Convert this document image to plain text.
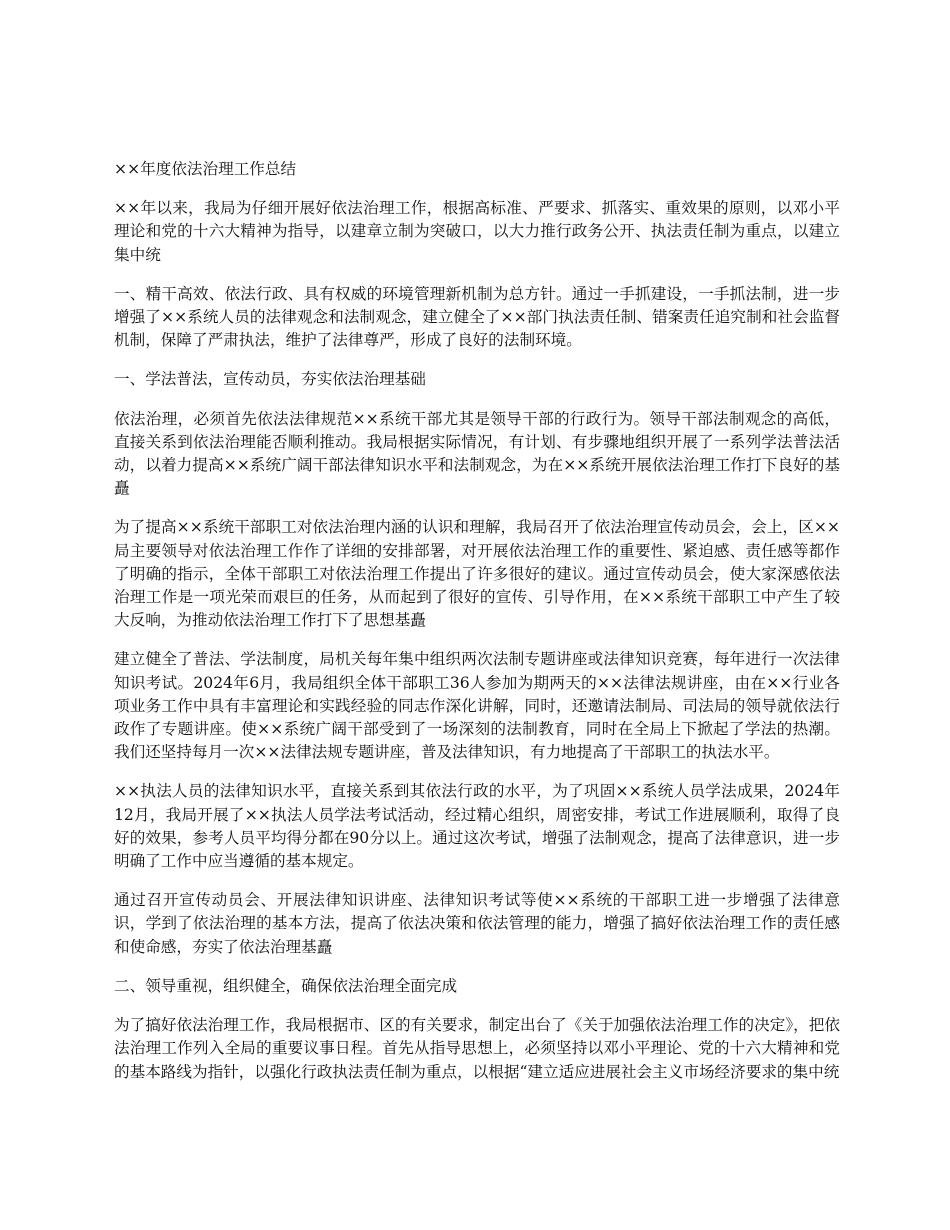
××年度依法治理工作总结

××年以来，我局为仔细开展好依法治理工作，根据高标准、严要求、抓落实、重效果的原则，以邓小平理论和党的十六大精神为指导，以建章立制为突破口，以大力推行政务公开、执法责任制为重点，以建立集中统

一、精干高效、依法行政、具有权威的环境管理新机制为总方针。通过一手抓建设，一手抓法制，进一步增强了××系统人员的法律观念和法制观念，建立健全了××部门执法责任制、错案责任追究制和社会监督机制，保障了严肃执法，维护了法律尊严，形成了良好的法制环境。

一、学法普法，宣传动员，夯实依法治理基础

依法治理，必须首先依法法律规范××系统干部尤其是领导干部的行政行为。领导干部法制观念的高低，直接关系到依法治理能否顺利推动。我局根据实际情况，有计划、有步骤地组织开展了一系列学法普法活动，以着力提高××系统广阔干部法律知识水平和法制观念，为在××系统开展依法治理工作打下良好的基矗

为了提高××系统干部职工对依法治理内涵的认识和理解，我局召开了依法治理宣传动员会，会上，区××局主要领导对依法治理工作作了详细的安排部署，对开展依法治理工作的重要性、紧迫感、责任感等都作了明确的指示，全体干部职工对依法治理工作提出了许多很好的建议。通过宣传动员会，使大家深感依法治理工作是一项光荣而艰巨的任务，从而起到了很好的宣传、引导作用，在××系统干部职工中产生了较大反响，为推动依法治理工作打下了思想基矗

建立健全了普法、学法制度，局机关每年集中组织两次法制专题讲座或法律知识竞赛，每年进行一次法律知识考试。2024年6月，我局组织全体干部职工36人参加为期两天的××法律法规讲座，由在××行业各项业务工作中具有丰富理论和实践经验的同志作深化讲解，同时，还邀请法制局、司法局的领导就依法行政作了专题讲座。使××系统广阔干部受到了一场深刻的法制教育，同时在全局上下掀起了学法的热潮。我们还坚持每月一次××法律法规专题讲座，普及法律知识，有力地提高了干部职工的执法水平。

××执法人员的法律知识水平，直接关系到其依法行政的水平，为了巩固××系统人员学法成果，2024年12月，我局开展了××执法人员学法考试活动，经过精心组织，周密安排，考试工作进展顺利，取得了良好的效果，参考人员平均得分都在90分以上。通过这次考试，增强了法制观念，提高了法律意识，进一步明确了工作中应当遵循的基本规定。

通过召开宣传动员会、开展法律知识讲座、法律知识考试等使××系统的干部职工进一步增强了法律意识，学到了依法治理的基本方法，提高了依法决策和依法管理的能力，增强了搞好依法治理工作的责任感和使命感，夯实了依法治理基矗

二、领导重视，组织健全，确保依法治理全面完成

为了搞好依法治理工作，我局根据市、区的有关要求，制定出台了《关于加强依法治理工作的决定》，把依法治理工作列入全局的重要议事日程。首先从指导思想上，必须坚持以邓小平理论、党的十六大精神和党的基本路线为指针，以强化行政执法责任制为重点，以根据“建立适应进展社会主义市场经济要求的集中统
